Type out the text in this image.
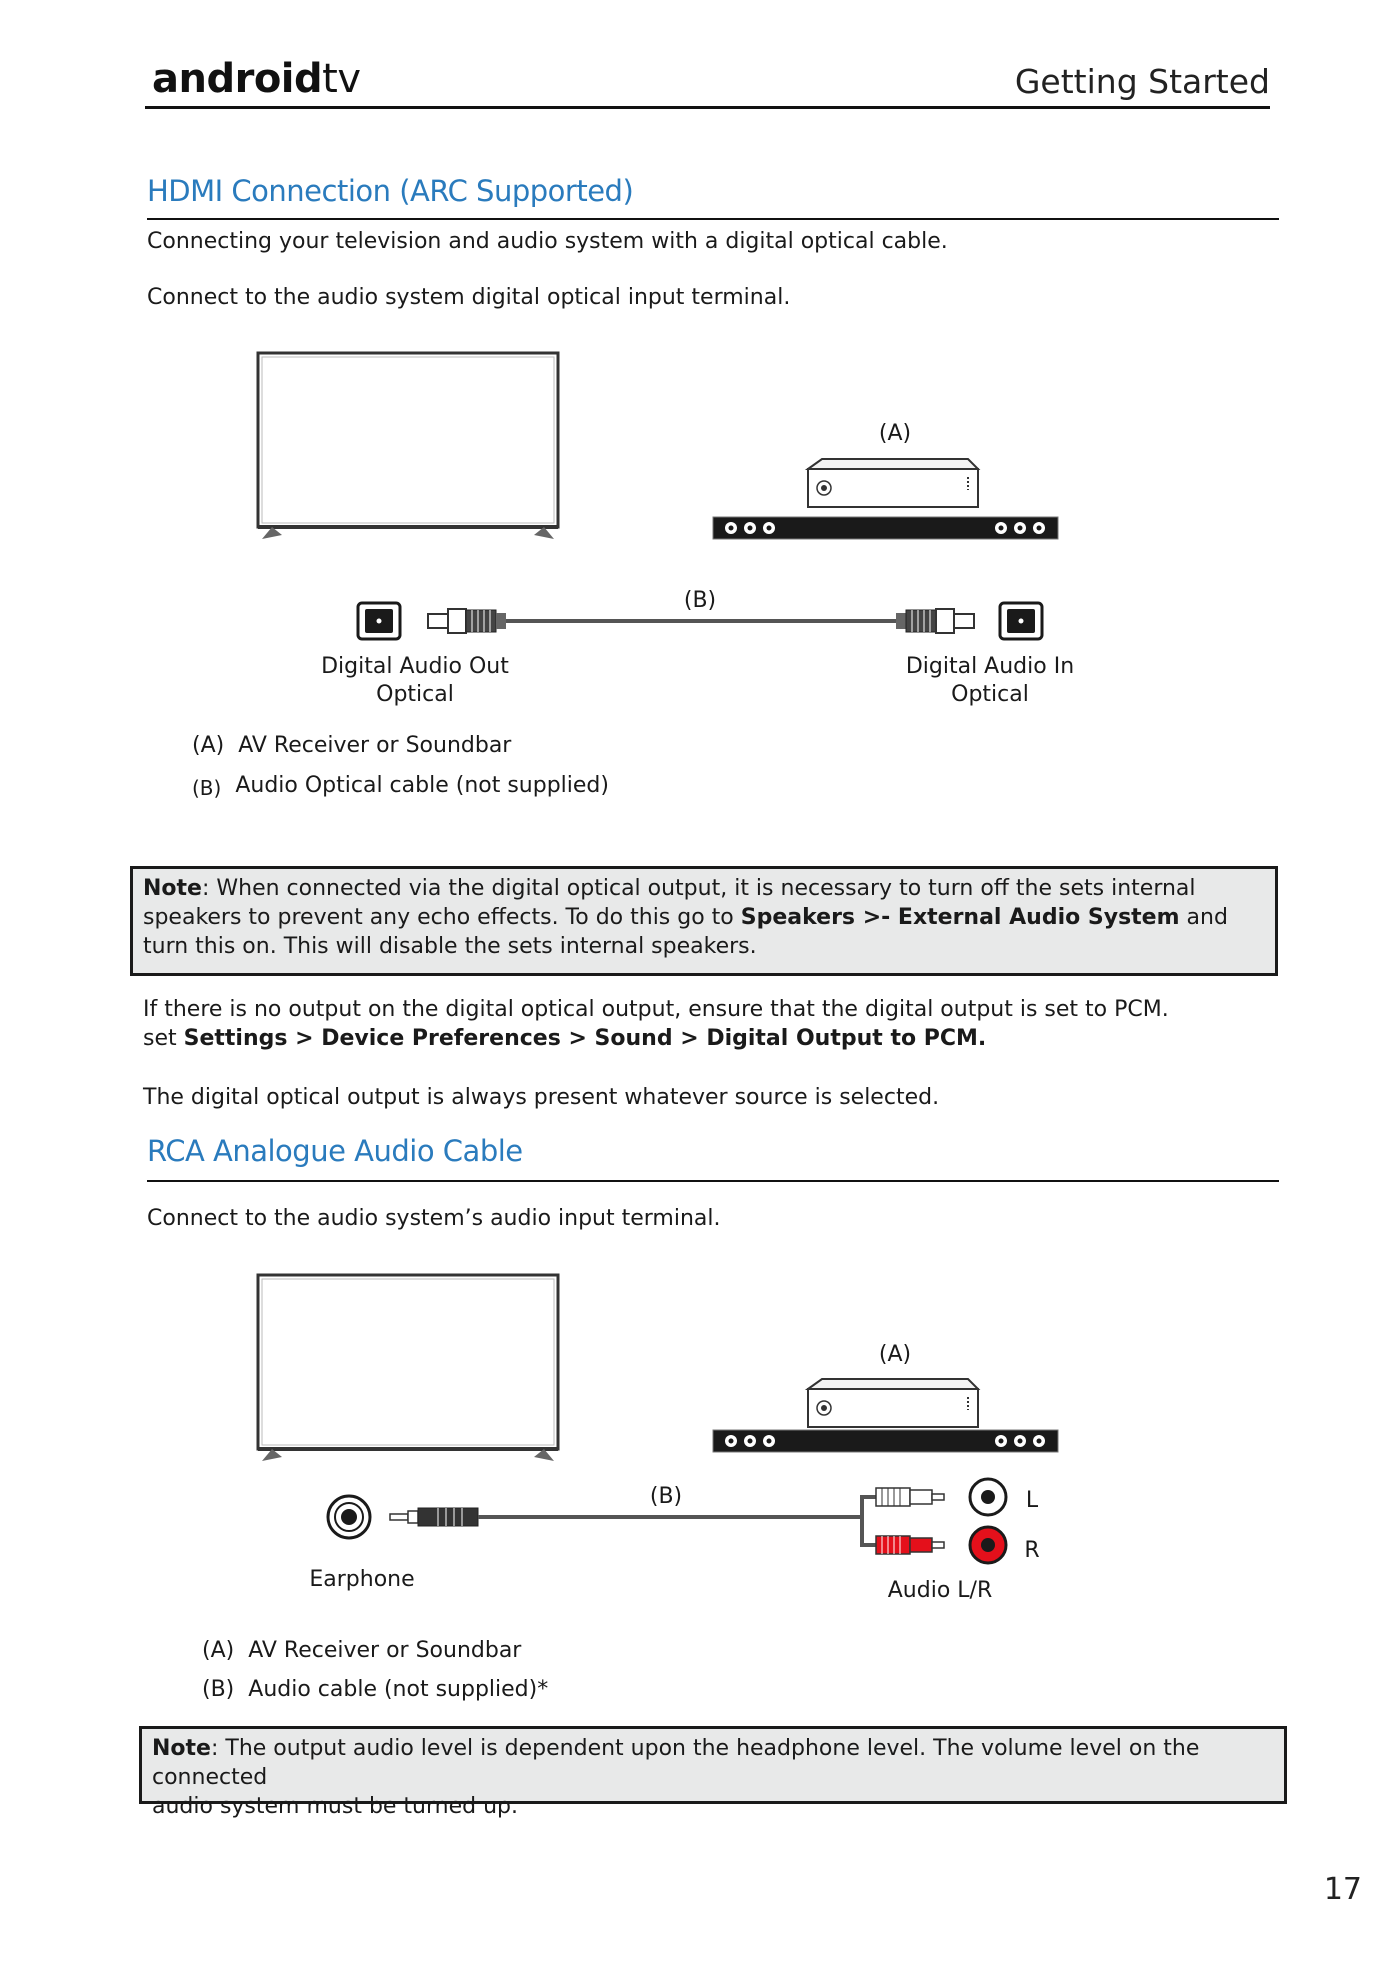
androidtv	Getting Started
HDMI Connection (ARC Supported)
Connecting your television and audio system with a digital optical cable.
Connect to the audio system digital optical input terminal.
(A)
(B)
Digital Audio Out
Optical
Digital Audio In
Optical
(A) AV Receiver or Soundbar
(B) Audio Optical cable (not supplied)
Note: When connected via the digital optical output, it is necessary to turn off the sets internal
speakers to prevent any echo effects. To do this go to Speakers >- External Audio System and
turn this on. This will disable the sets internal speakers.
If there is no output on the digital optical output, ensure that the digital output is set to PCM.
set Settings > Device Preferences > Sound > Digital Output to PCM.
The digital optical output is always present whatever source is selected.
RCA Analogue Audio Cable
Connect to the audio system’s audio input terminal.
(A)
(B)	L
R
Earphone	Audio L/R
(A) AV Receiver or Soundbar
(B) Audio cable (not supplied)*
Note: The output audio level is dependent upon the headphone level. The volume level on the connected
audio system must be turned up.
17
